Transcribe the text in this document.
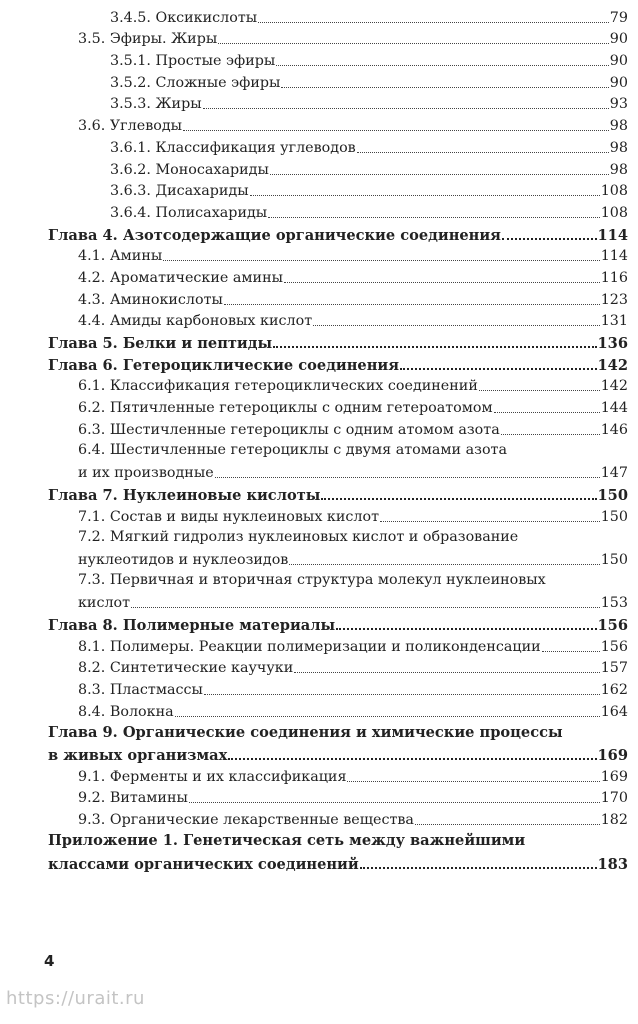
3.4.5. Оксикислоты	79
3.5. Эфиры. Жиры	90
3.5.1. Простые эфиры	90
3.5.2. Сложные эфиры	90
3.5.3. Жиры	93
3.6. Углеводы	98
3.6.1. Классификация углеводов	98
3.6.2. Моносахариды	98
3.6.3. Дисахариды	108
3.6.4. Полисахариды	108
Глава 4. Азотсодержащие органические соединения	114
4.1. Амины	114
4.2. Ароматические амины	116
4.3. Аминокислоты	123
4.4. Амиды карбоновых кислот	131
Глава 5. Белки и пептиды	136
Глава 6. Гетероциклические соединения	142
6.1. Классификация гетероциклических соединений	142
6.2. Пятичленные гетероциклы с одним гетероатомом	144
6.3. Шестичленные гетероциклы с одним атомом азота	146
6.4. Шестичленные гетероциклы с двумя атомами азота
и их производные	147
Глава 7. Нуклеиновые кислоты	150
7.1. Состав и виды нуклеиновых кислот	150
7.2. Мягкий гидролиз нуклеиновых кислот и образование
нуклеотидов и нуклеозидов	150
7.3. Первичная и вторичная структура молекул нуклеиновых
кислот	153
Глава 8. Полимерные материалы	156
8.1. Полимеры. Реакции полимеризации и поликонденсации	156
8.2. Синтетические каучуки	157
8.3. Пластмассы	162
8.4. Волокна	164
Глава 9. Органические соединения и химические процессы
в живых организмах	169
9.1. Ферменты и их классификация	169
9.2. Витамины	170
9.3. Органические лекарственные вещества	182
Приложение 1. Генетическая сеть между важнейшими
классами органических соединений	183
4
https://urait.ru
